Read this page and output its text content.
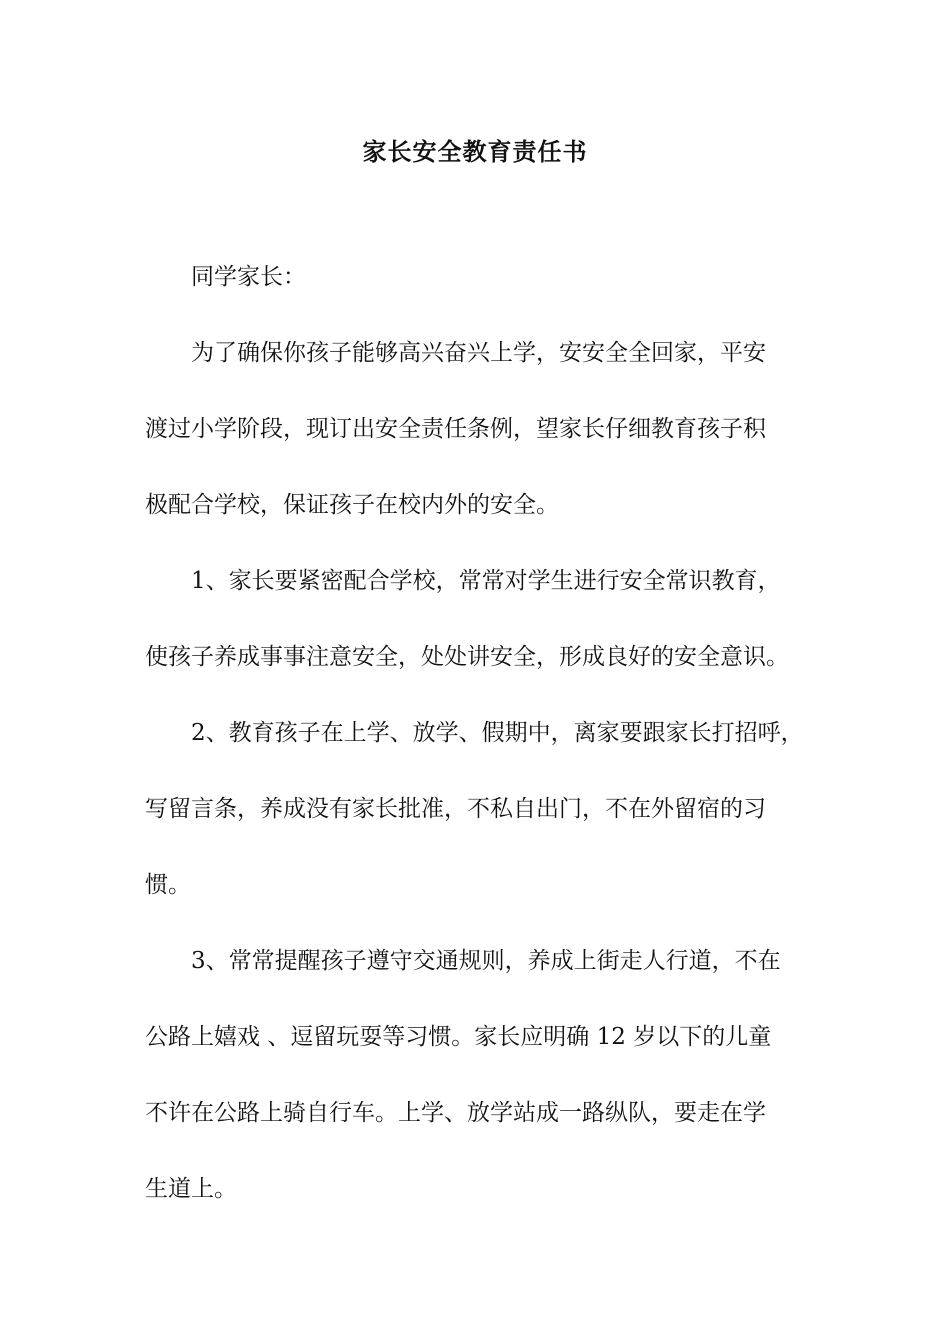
家长安全教育责任书
同学家长：
为了确保你孩子能够高兴奋兴上学，安安全全回家，平安
渡过小学阶段，现订出安全责任条例，望家长仔细教育孩子积
极配合学校，保证孩子在校内外的安全。
1、家长要紧密配合学校，常常对学生进行安全常识教育，
使孩子养成事事注意安全，处处讲安全，形成良好的安全意识。
2、教育孩子在上学、放学、假期中，离家要跟家长打招呼，
写留言条，养成没有家长批准，不私自出门，不在外留宿的习
惯。
3、常常提醒孩子遵守交通规则，养成上街走人行道，不在
公路上嬉戏 、逗留玩耍等习惯。家长应明确 12 岁以下的儿童
不许在公路上骑自行车。上学、放学站成一路纵队，要走在学
生道上。
